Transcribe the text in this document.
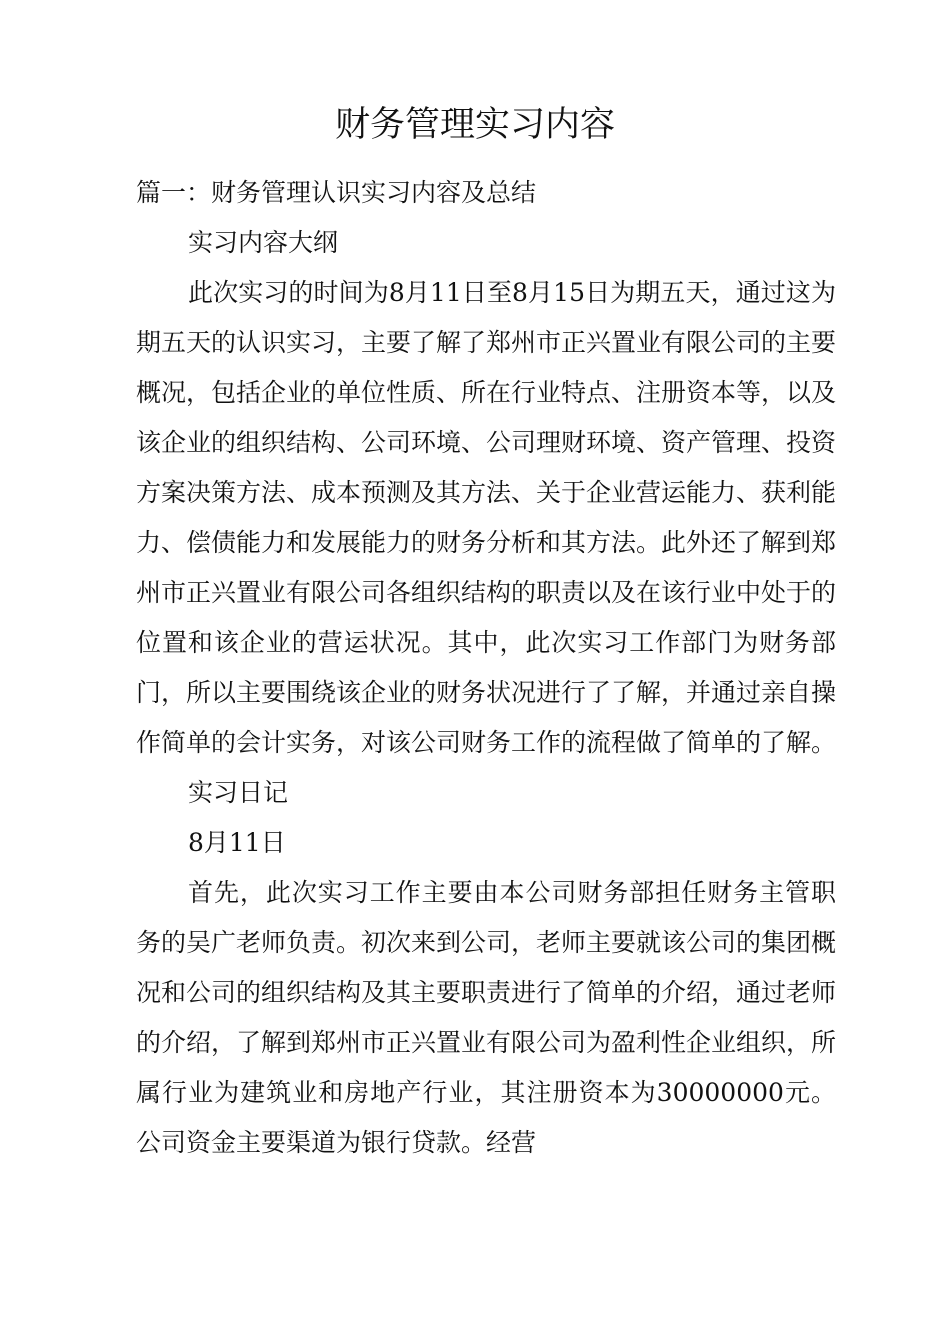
财务管理实习内容

篇一：财务管理认识实习内容及总结

实习内容大纲

此次实习的时间为8月11日至8月15日为期五天，通过这为期五天的认识实习，主要了解了郑州市正兴置业有限公司的主要概况，包括企业的单位性质、所在行业特点、注册资本等，以及该企业的组织结构、公司环境、公司理财环境、资产管理、投资方案决策方法、成本预测及其方法、关于企业营运能力、获利能力、偿债能力和发展能力的财务分析和其方法。此外还了解到郑州市正兴置业有限公司各组织结构的职责以及在该行业中处于的位置和该企业的营运状况。其中，此次实习工作部门为财务部门，所以主要围绕该企业的财务状况进行了了解，并通过亲自操作简单的会计实务，对该公司财务工作的流程做了简单的了解。

实习日记

8月11日

首先，此次实习工作主要由本公司财务部担任财务主管职务的吴广老师负责。初次来到公司，老师主要就该公司的集团概况和公司的组织结构及其主要职责进行了简单的介绍，通过老师的介绍，了解到郑州市正兴置业有限公司为盈利性企业组织，所属行业为建筑业和房地产行业，其注册资本为30000000元。公司资金主要渠道为银行贷款。经营
